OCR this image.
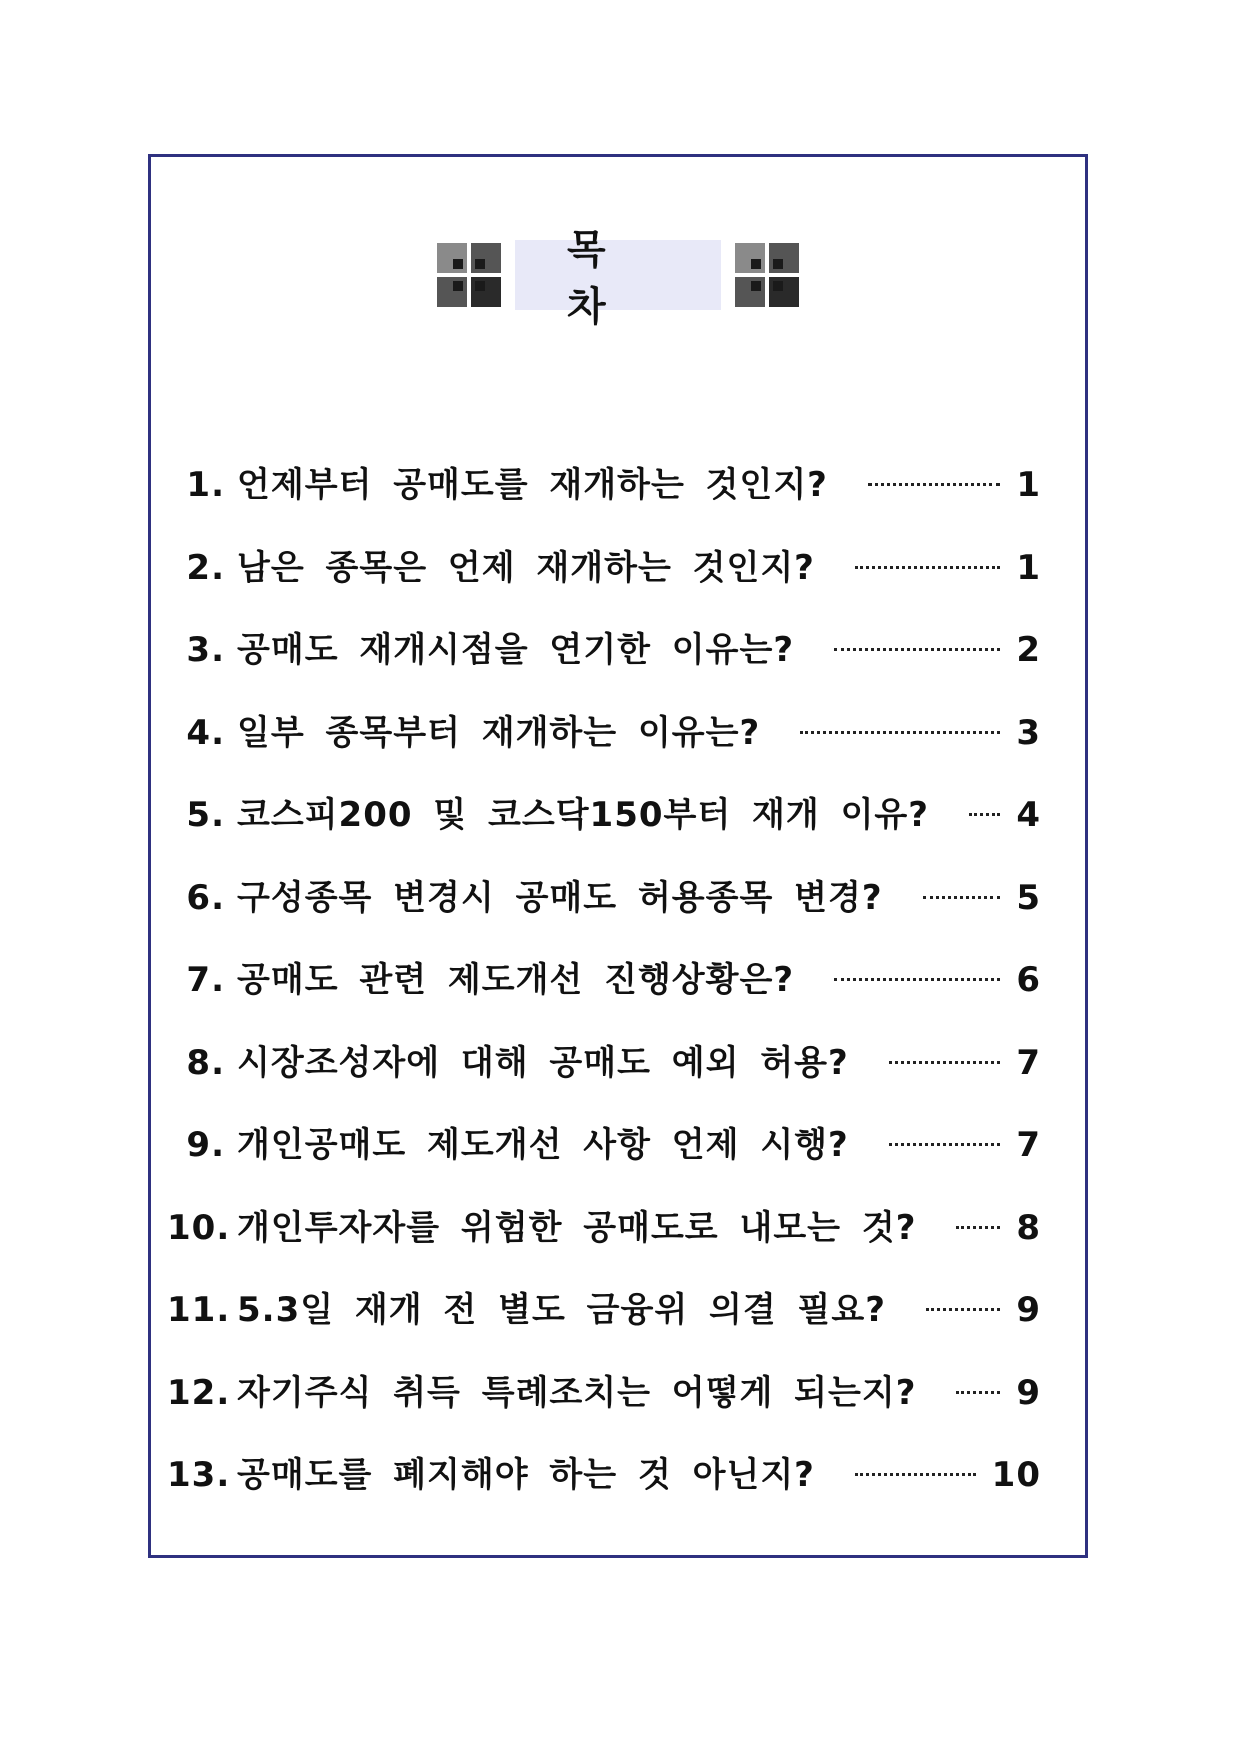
목 차
1. 언제부터 공매도를 재개하는 것인지?	1
2. 남은 종목은 언제 재개하는 것인지?	1
3. 공매도 재개시점을 연기한 이유는?	2
4. 일부 종목부터 재개하는 이유는?	3
5. 코스피200 및 코스닥150부터 재개 이유?	4
6. 구성종목 변경시 공매도 허용종목 변경?	5
7. 공매도 관련 제도개선 진행상황은?	6
8. 시장조성자에 대해 공매도 예외 허용?	7
9. 개인공매도 제도개선 사항 언제 시행?	7
10. 개인투자자를 위험한 공매도로 내모는 것?	8
11. 5.3일 재개 전 별도 금융위 의결 필요?	9
12. 자기주식 취득 특례조치는 어떻게 되는지?	9
13. 공매도를 폐지해야 하는 것 아닌지?	10
